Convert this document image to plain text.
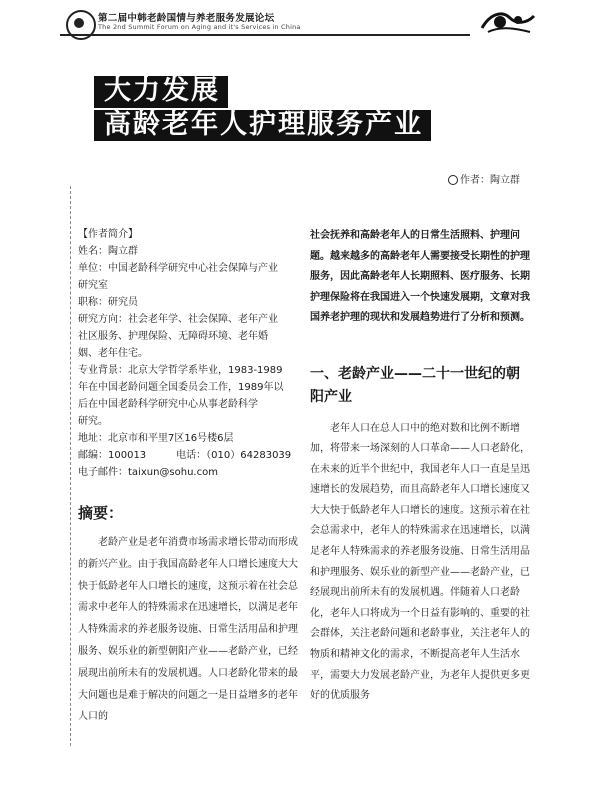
第二届中韩老龄国情与养老服务发展论坛
The 2nd Summit Forum on Aging and it's Services in China
大力发展
高龄老年人护理服务产业
作者：陶立群

【作者简介】

姓名：陶立群

单位：中国老龄科学研究中心社会保障与产业

研究室

职称：研究员

研究方向：社会老年学、社会保障、老年产业

社区服务、护理保险、无障碍环境、老年婚

姻、老年住宅。

专业背景：北京大学哲学系毕业，1983-1989

年在中国老龄问题全国委员会工作，1989年以

后在中国老龄科学研究中心从事老龄科学

研究。

地址：北京市和平里7区16号楼6层

邮编：100013　　　电话：（010）64283039

电子邮件：taixun@sohu.com

摘要：

老龄产业是老年消费市场需求增长带动而形成的新兴产业。由于我国高龄老年人口增长速度大大快于低龄老年人口增长的速度，这预示着在社会总需求中老年人的特殊需求在迅速增长，以满足老年人特殊需求的养老服务设施、日常生活用品和护理服务、娱乐业的新型朝阳产业——老龄产业，已经展现出前所未有的发展机遇。人口老龄化带来的最大问题也是难于解决的问题之一是日益增多的老年人口的

社会抚养和高龄老年人的日常生活照料、护理问题。越来越多的高龄老年人需要接受长期性的护理服务，因此高龄老年人长期照料、医疗服务、长期护理保险将在我国进入一个快速发展期，文章对我国养老护理的现状和发展趋势进行了分析和预测。

一、老龄产业——二十一世纪的朝阳产业

老年人口在总人口中的绝对数和比例不断增加，将带来一场深刻的人口革命——人口老龄化，在未来的近半个世纪中，我国老年人口一直是呈迅速增长的发展趋势，而且高龄老年人口增长速度又大大快于低龄老年人口增长的速度。这预示着在社会总需求中，老年人的特殊需求在迅速增长，以满足老年人特殊需求的养老服务设施、日常生活用品和护理服务、娱乐业的新型产业——老龄产业，已经展现出前所未有的发展机遇。伴随着人口老龄化，老年人口将成为一个日益有影响的、重要的社会群体，关注老龄问题和老龄事业，关注老年人的物质和精神文化的需求，不断提高老年人生活水平，需要大力发展老龄产业，为老年人提供更多更好的优质服务
